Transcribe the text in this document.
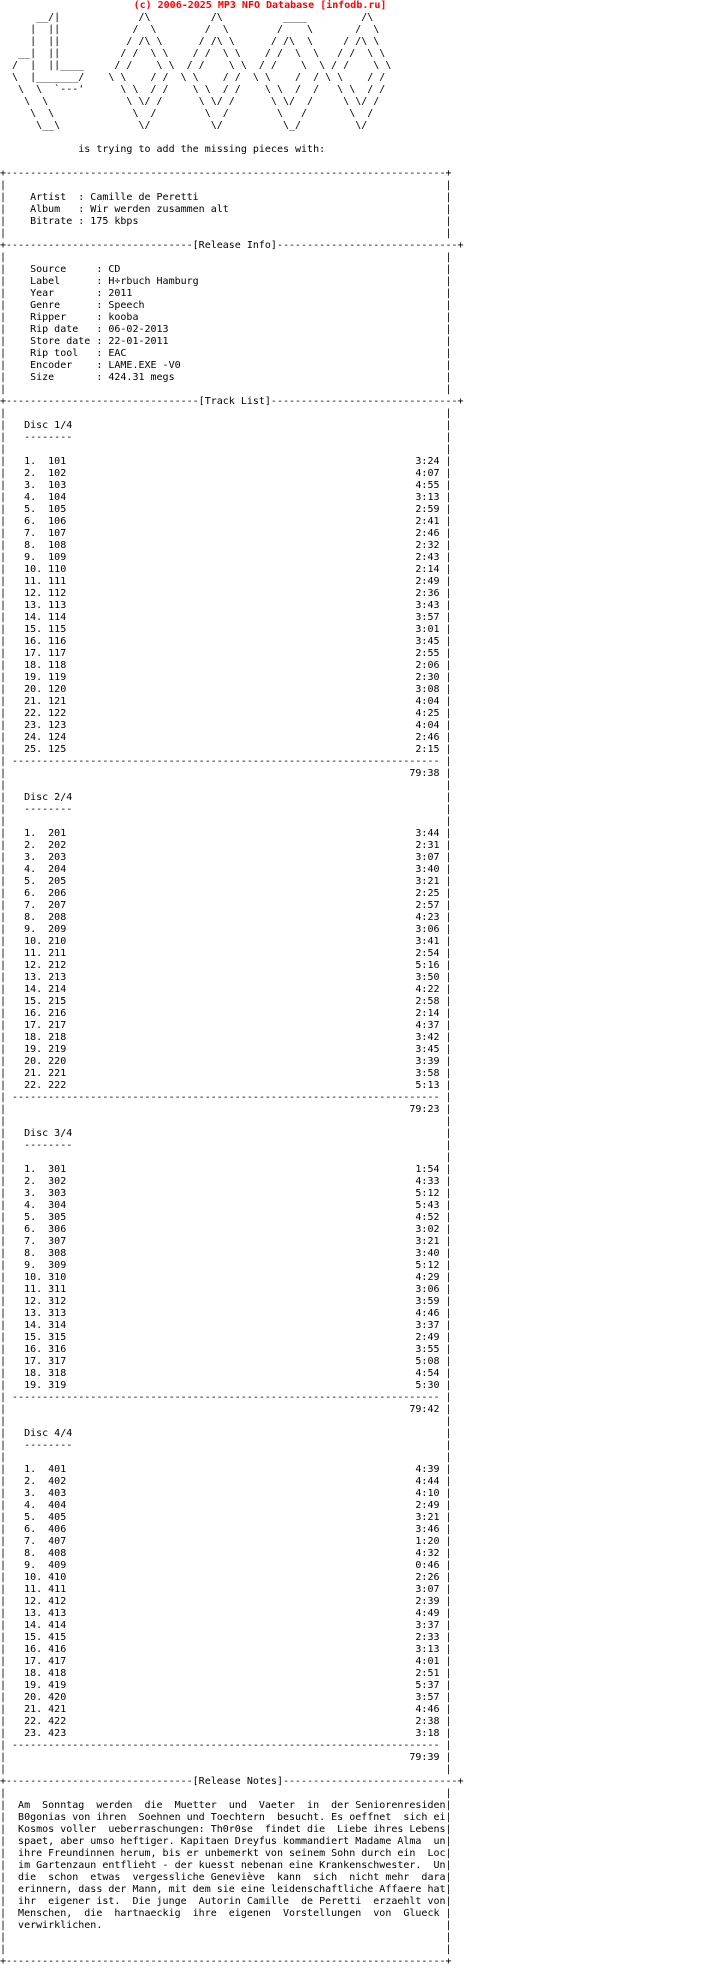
(c) 2006-2025 MP3 NFO Database [infodb.ru]
__/|             /\          /\          ____         /\
|  ||            /  \        /  \        /    \       /  \
|  ||           / /\ \      / /\ \      / /\  \     / /\ \
__|  ||          / /  \ \    / /  \ \    / /  \  \   / /  \ \
/  |  ||____     / /    \ \  / /    \ \  / /    \  \ / /    \ \
\  |_______/    \ \    / /  \ \    / /  \ \    /  / \ \    / /
\  \  `---'      \ \  / /    \ \  / /    \ \  /  /   \ \  / /
\  \             \ \/ /      \ \/ /      \ \/  /     \ \/ /
\  \             \  /        \  /        \   /       \  /
\__\             \/          \/          \_/         \/
is trying to add the missing pieces with:
+-------------------------------------------------------------------------+
|                                                                         |
|    Artist  : Camille de Peretti                                         |
|    Album   : Wir werden zusammen alt                                    |
|    Bitrate : 175 kbps                                                   |
|                                                                         |
+-------------------------------[Release Info]------------------------------+
|                                                                         |
|    Source     : CD                                                      |
|    Label      : H÷rbuch Hamburg                                         |
|    Year       : 2011                                                    |
|    Genre      : Speech                                                  |
|    Ripper     : kooba                                                   |
|    Rip date   : 06-02-2013                                              |
|    Store date : 22-01-2011                                              |
|    Rip tool   : EAC                                                     |
|    Encoder    : LAME.EXE -V0                                            |
|    Size       : 424.31 megs                                             |
|                                                                         |
+--------------------------------[Track List]-------------------------------+
|                                                                         |
|   Disc 1/4                                                              |
|   --------                                                              |
|                                                                         |
|   1.  101                                                          3:24 |
|   2.  102                                                          4:07 |
|   3.  103                                                          4:55 |
|   4.  104                                                          3:13 |
|   5.  105                                                          2:59 |
|   6.  106                                                          2:41 |
|   7.  107                                                          2:46 |
|   8.  108                                                          2:32 |
|   9.  109                                                          2:43 |
|   10. 110                                                          2:14 |
|   11. 111                                                          2:49 |
|   12. 112                                                          2:36 |
|   13. 113                                                          3:43 |
|   14. 114                                                          3:57 |
|   15. 115                                                          3:01 |
|   16. 116                                                          3:45 |
|   17. 117                                                          2:55 |
|   18. 118                                                          2:06 |
|   19. 119                                                          2:30 |
|   20. 120                                                          3:08 |
|   21. 121                                                          4:04 |
|   22. 122                                                          4:25 |
|   23. 123                                                          4:04 |
|   24. 124                                                          2:46 |
|   25. 125                                                          2:15 |
| ----------------------------------------------------------------------- |
|                                                                   79:38 |
|                                                                         |
|   Disc 2/4                                                              |
|   --------                                                              |
|                                                                         |
|   1.  201                                                          3:44 |
|   2.  202                                                          2:31 |
|   3.  203                                                          3:07 |
|   4.  204                                                          3:40 |
|   5.  205                                                          3:21 |
|   6.  206                                                          2:25 |
|   7.  207                                                          2:57 |
|   8.  208                                                          4:23 |
|   9.  209                                                          3:06 |
|   10. 210                                                          3:41 |
|   11. 211                                                          2:54 |
|   12. 212                                                          5:16 |
|   13. 213                                                          3:50 |
|   14. 214                                                          4:22 |
|   15. 215                                                          2:58 |
|   16. 216                                                          2:14 |
|   17. 217                                                          4:37 |
|   18. 218                                                          3:42 |
|   19. 219                                                          3:45 |
|   20. 220                                                          3:39 |
|   21. 221                                                          3:58 |
|   22. 222                                                          5:13 |
| ----------------------------------------------------------------------- |
|                                                                   79:23 |
|                                                                         |
|   Disc 3/4                                                              |
|   --------                                                              |
|                                                                         |
|   1.  301                                                          1:54 |
|   2.  302                                                          4:33 |
|   3.  303                                                          5:12 |
|   4.  304                                                          5:43 |
|   5.  305                                                          4:52 |
|   6.  306                                                          3:02 |
|   7.  307                                                          3:21 |
|   8.  308                                                          3:40 |
|   9.  309                                                          5:12 |
|   10. 310                                                          4:29 |
|   11. 311                                                          3:06 |
|   12. 312                                                          3:59 |
|   13. 313                                                          4:46 |
|   14. 314                                                          3:37 |
|   15. 315                                                          2:49 |
|   16. 316                                                          3:55 |
|   17. 317                                                          5:08 |
|   18. 318                                                          4:54 |
|   19. 319                                                          5:30 |
| ----------------------------------------------------------------------- |
|                                                                   79:42 |
|                                                                         |
|   Disc 4/4                                                              |
|   --------                                                              |
|                                                                         |
|   1.  401                                                          4:39 |
|   2.  402                                                          4:44 |
|   3.  403                                                          4:10 |
|   4.  404                                                          2:49 |
|   5.  405                                                          3:21 |
|   6.  406                                                          3:46 |
|   7.  407                                                          1:20 |
|   8.  408                                                          4:32 |
|   9.  409                                                          0:46 |
|   10. 410                                                          2:26 |
|   11. 411                                                          3:07 |
|   12. 412                                                          2:39 |
|   13. 413                                                          4:49 |
|   14. 414                                                          3:37 |
|   15. 415                                                          2:33 |
|   16. 416                                                          3:13 |
|   17. 417                                                          4:01 |
|   18. 418                                                          2:51 |
|   19. 419                                                          5:37 |
|   20. 420                                                          3:57 |
|   21. 421                                                          4:46 |
|   22. 422                                                          2:38 |
|   23. 423                                                          3:18 |
| ----------------------------------------------------------------------- |
|                                                                   79:39 |
|                                                                         |
+-------------------------------[Release Notes]-----------------------------+
|                                                                         |
|  Am  Sonntag  werden  die  Muetter  und  Vaeter  in  der Seniorenresiden|
|  B0gonias von ihren  Soehnen und Toechtern  besucht. Es oeffnet  sich ei|
|  Kosmos voller  ueberraschungen: Th0r0se  findet die  Liebe ihres Lebens|
|  spaet, aber umso heftiger. Kapitaen Dreyfus kommandiert Madame Alma  un|
|  ihre Freundinnen herum, bis er unbemerkt von seinem Sohn durch ein  Loc|
|  im Gartenzaun entflieht - der kuesst nebenan eine Krankenschwester.  Un|
|  die  schon  etwas  vergessliche Geneviève  kann  sich  nicht mehr  dara|
|  erinnern, dass der Mann, mit dem sie eine leidenschaftliche Affaere hat|
|  ihr  eigener ist.  Die junge  Autorin Camille  de Peretti  erzaehlt von|
|  Menschen,  die  hartnaeckig  ihre  eigenen  Vorstellungen  von  Glueck |
|  verwirklichen.                                                         |
|                                                                         |
|                                                                         |
+-------------------------------------------------------------------------+
